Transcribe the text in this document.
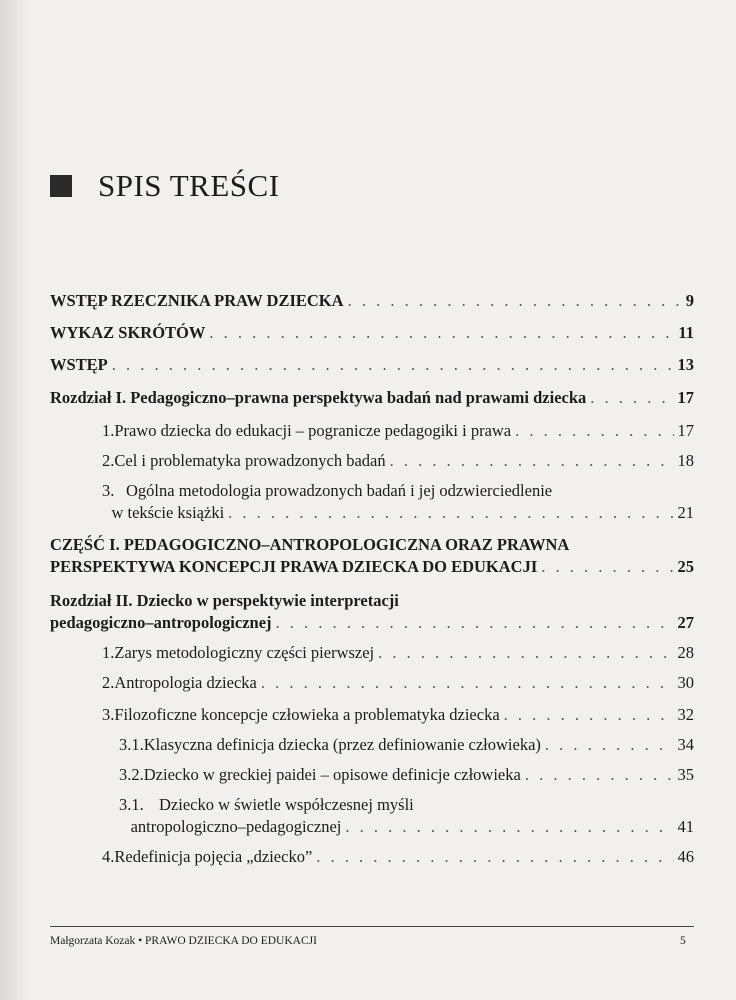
SPIS TREŚCI
WSTĘP RZECZNIKA PRAW DZIECKA . . .	9
WYKAZ SKRÓTÓW . . .	11
WSTĘP . . .	13
Rozdział I. Pedagogiczno–prawna perspektywa badań nad prawami dziecka . . .	17
1. Prawo dziecka do edukacji – pogranicze pedagogiki i prawa . . .	17
2. Cel i problematyka prowadzonych badań . . .	18
3. Ogólna metodologia prowadzonych badań i jej odzwierciedlenie
w tekście książki . . .	21
CZĘŚĆ I. PEDAGOGICZNO–ANTROPOLOGICZNA ORAZ PRAWNA
PERSPEKTYWA KONCEPCJI PRAWA DZIECKA DO EDUKACJI . . .	25
Rozdział II. Dziecko w perspektywie interpretacji
pedagogiczno–antropologicznej . . .	27
1. Zarys metodologiczny części pierwszej . . .	28
2. Antropologia dziecka . . .	30
3. Filozoficzne koncepcje człowieka a problematyka dziecka . . .	32
3.1. Klasyczna definicja dziecka (przez definiowanie człowieka) . . .	34
3.2. Dziecko w greckiej paidei – opisowe definicje człowieka . . .	35
3.1. Dziecko w świetle współczesnej myśli
antropologiczno–pedagogicznej . . .	41
4. Redefinicja pojęcia „dziecko” . . .	46
Małgorzata Kozak • PRAWO DZIECKA DO EDUKACJI	5
